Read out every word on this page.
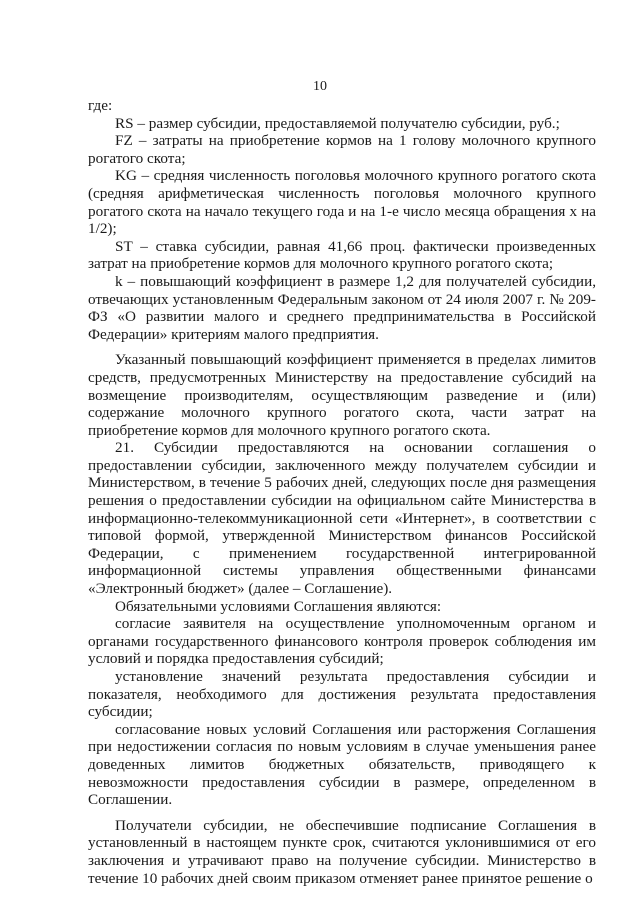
10

где:

RS – размер субсидии, предоставляемой получателю субсидии, руб.;

FZ – затраты на приобретение кормов на 1 голову молочного крупного рогатого скота;

KG – средняя численность поголовья молочного крупного рогатого скота (средняя арифметическая численность поголовья молочного крупного рогатого скота на начало текущего года и на 1-е число месяца обращения х на 1/2);

ST – ставка субсидии, равная 41,66 проц. фактически произведенных затрат на приобретение кормов для молочного крупного рогатого скота;

k – повышающий коэффициент в размере 1,2 для получателей субсидии, отвечающих установленным Федеральным законом от 24 июля 2007 г. № 209-ФЗ «О развитии малого и среднего предпринимательства в Российской Федерации» критериям малого предприятия.

Указанный повышающий коэффициент применяется в пределах лимитов средств, предусмотренных Министерству на предоставление субсидий на возмещение производителям, осуществляющим разведение и (или) содержание молочного крупного рогатого скота, части затрат на приобретение кормов для молочного крупного рогатого скота.

21. Субсидии предоставляются на основании соглашения о предоставлении субсидии, заключенного между получателем субсидии и Министерством, в течение 5 рабочих дней, следующих после дня размещения решения о предоставлении субсидии на официальном сайте Министерства в информационно-телекоммуникационной сети «Интернет», в соответствии с типовой формой, утвержденной Министерством финансов Российской Федерации, с применением государственной интегрированной информационной системы управления общественными финансами «Электронный бюджет» (далее – Соглашение).

Обязательными условиями Соглашения являются:

согласие заявителя на осуществление уполномоченным органом и органами государственного финансового контроля проверок соблюдения им условий и порядка предоставления субсидий;

установление значений результата предоставления субсидии и показателя, необходимого для достижения результата предоставления субсидии;

согласование новых условий Соглашения или расторжения Соглашения при недостижении согласия по новым условиям в случае уменьшения ранее доведенных лимитов бюджетных обязательств, приводящего к невозможности предоставления субсидии в размере, определенном в Соглашении.

Получатели субсидии, не обеспечившие подписание Соглашения в установленный в настоящем пункте срок, считаются уклонившимися от его заключения и утрачивают право на получение субсидии. Министерство в течение 10 рабочих дней своим приказом отменяет ранее принятое решение о
